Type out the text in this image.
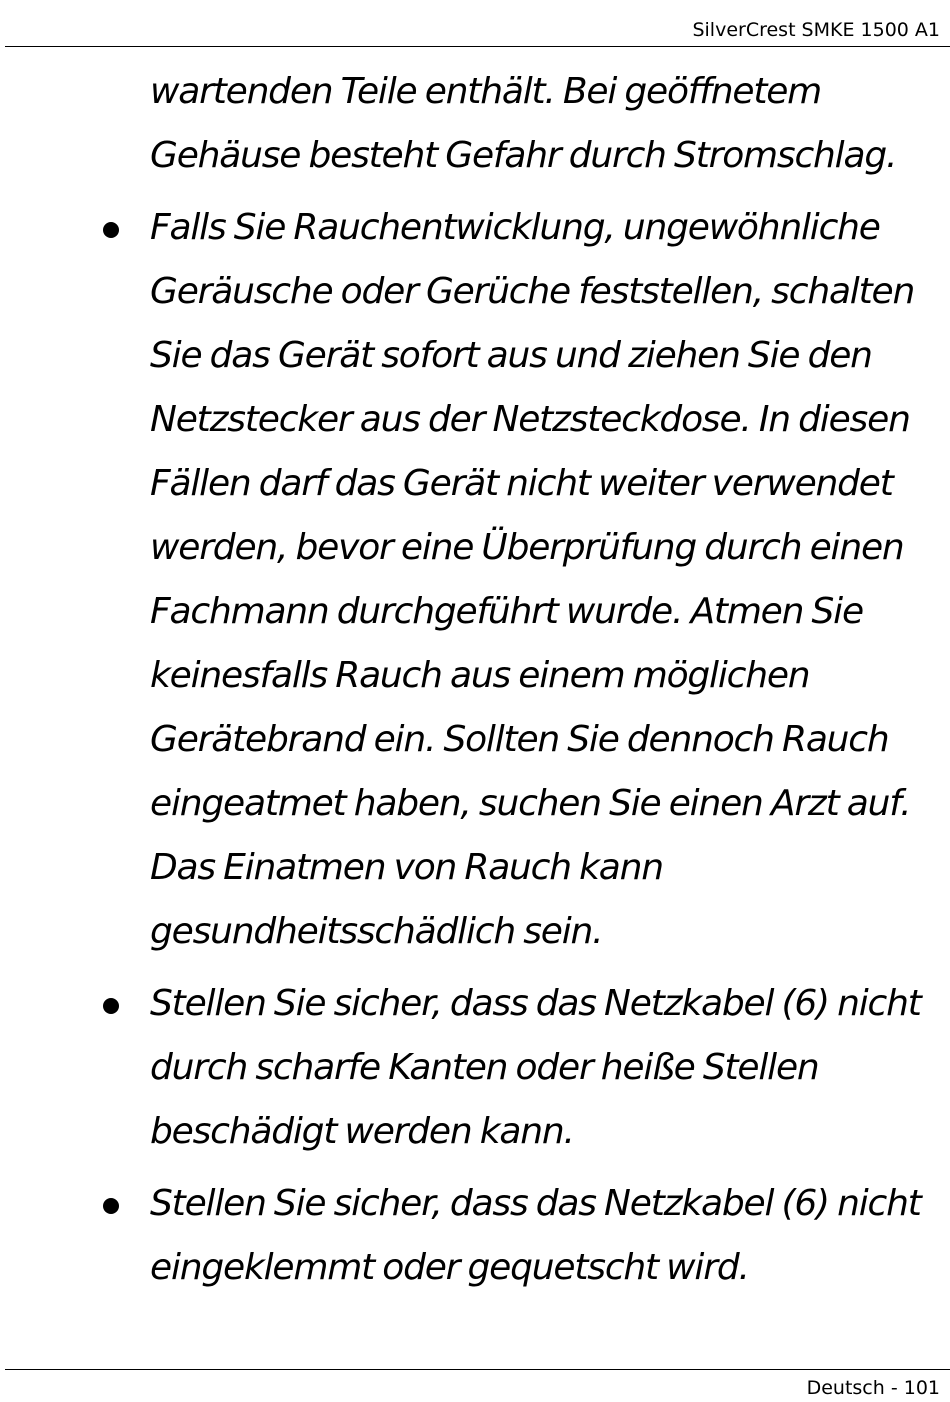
SilverCrest SMKE 1500 A1

wartenden Teile enthält. Bei geöffnetem Gehäuse besteht Gefahr durch Stromschlag.

Falls Sie Rauchentwicklung, ungewöhnliche Geräusche oder Gerüche feststellen, schalten Sie das Gerät sofort aus und ziehen Sie den Netzstecker aus der Netzsteckdose. In diesen Fällen darf das Gerät nicht weiter verwendet werden, bevor eine Überprüfung durch einen Fachmann durchgeführt wurde. Atmen Sie keinesfalls Rauch aus einem möglichen Gerätebrand ein. Sollten Sie dennoch Rauch eingeatmet haben, suchen Sie einen Arzt auf. Das Einatmen von Rauch kann gesundheitsschädlich sein.

Stellen Sie sicher, dass das Netzkabel (6) nicht durch scharfe Kanten oder heiße Stellen beschädigt werden kann.

Stellen Sie sicher, dass das Netzkabel (6) nicht eingeklemmt oder gequetscht wird.

Deutsch - 101
